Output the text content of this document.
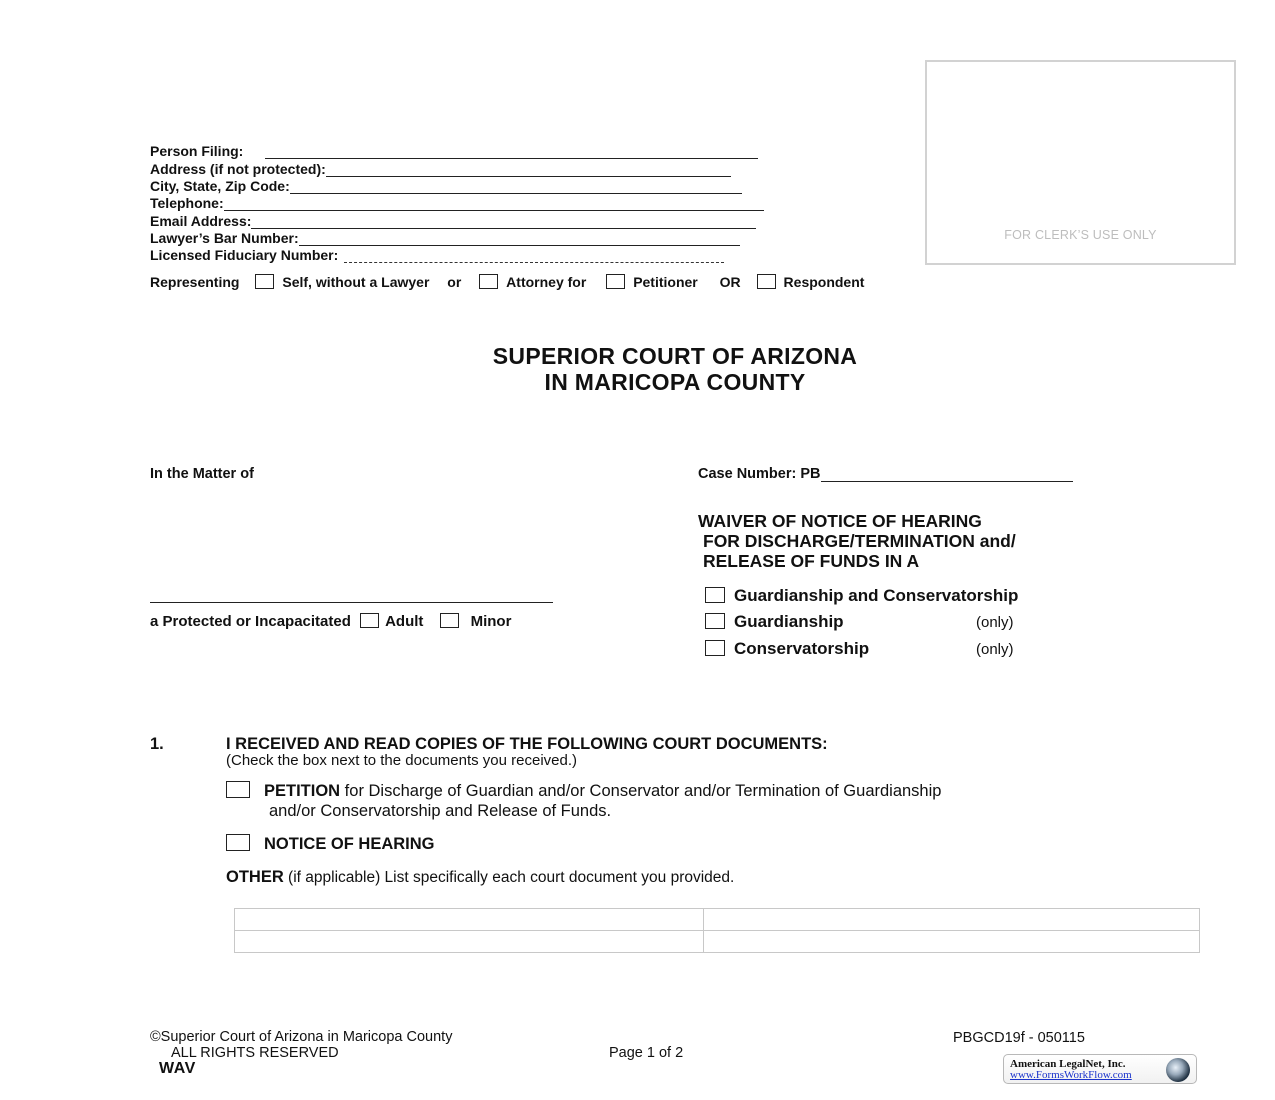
FOR CLERK’S USE ONLY
Person Filing:
Address (if not protected):
City, State, Zip Code:
Telephone:
Email Address:
Lawyer’s Bar Number:
Licensed Fiduciary Number:
Representing	Self, without a Lawyer or	Attorney for	Petitioner OR	Respondent
SUPERIOR COURT OF ARIZONA
IN MARICOPA COUNTY
In the Matter of
a Protected or Incapacitated Adult	Minor
Case Number: PB
WAIVER OF NOTICE OF HEARING
FOR DISCHARGE/TERMINATION and/
RELEASE OF FUNDS IN A
Guardianship and Conservatorship
Guardianship	(only)
Conservatorship	(only)
1.	I RECEIVED AND READ COPIES OF THE FOLLOWING COURT DOCUMENTS:
(Check the box next to the documents you received.)
PETITION for Discharge of Guardian and/or Conservator and/or Termination of Guardianship
and/or Conservatorship and Release of Funds.
NOTICE OF HEARING
OTHER (if applicable) List specifically each court document you provided.

©Superior Court of Arizona in Maricopa County
ALL RIGHTS RESERVED
WAV
Page 1 of 2
PBGCD19f - 050115
American LegalNet, Inc.
www.FormsWorkFlow.com
